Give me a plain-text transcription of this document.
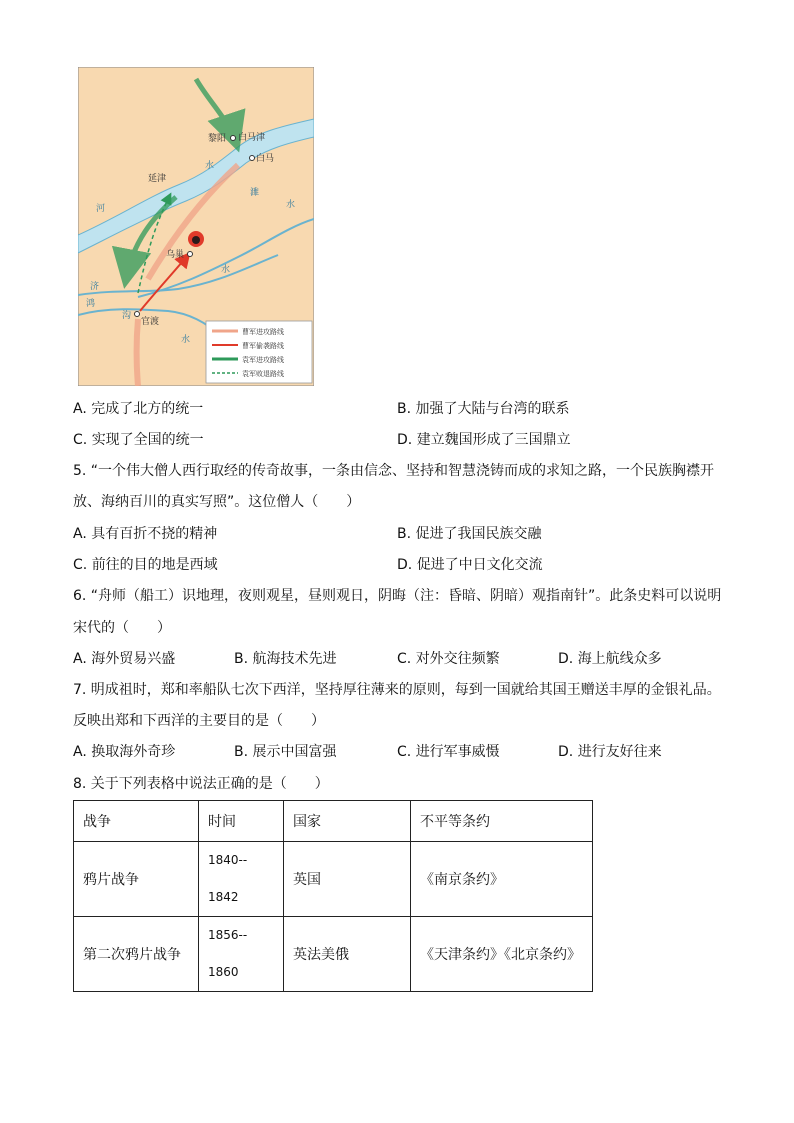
黎阳 白马津
白马
延津
乌巢
官渡
河
水
濉
水
水
济
鸿
沟
水
曹军进攻路线
曹军偷袭路线
袁军进攻路线
袁军败退路线
A. 完成了北方的统一	B. 加强了大陆与台湾的联系
C. 实现了全国的统一	D. 建立魏国形成了三国鼎立
5. “一个伟大僧人西行取经的传奇故事，一条由信念、坚持和智慧浇铸而成的求知之路，一个民族胸襟开
放、海纳百川的真实写照”。这位僧人（　　）
A. 具有百折不挠的精神	B. 促进了我国民族交融
C. 前往的目的地是西域	D. 促进了中日文化交流
6. “舟师（船工）识地理，夜则观星，昼则观日，阴晦（注：昏暗、阴暗）观指南针”。此条史料可以说明
宋代的（　　）
A. 海外贸易兴盛	B. 航海技术先进	C. 对外交往频繁	D. 海上航线众多
7. 明成祖时，郑和率船队七次下西洋，坚持厚往薄来的原则，每到一国就给其国王赠送丰厚的金银礼品。
反映出郑和下西洋的主要目的是（　　）
A. 换取海外奇珍	B. 展示中国富强	C. 进行军事威慑	D. 进行友好往来
8. 关于下列表格中说法正确的是（　　）
战争	时间	国家	不平等条约
鸦片战争	1840--
1842	英国	《南京条约》
第二次鸦片战争	1856--
1860	英法美俄	《天津条约》《北京条约》
